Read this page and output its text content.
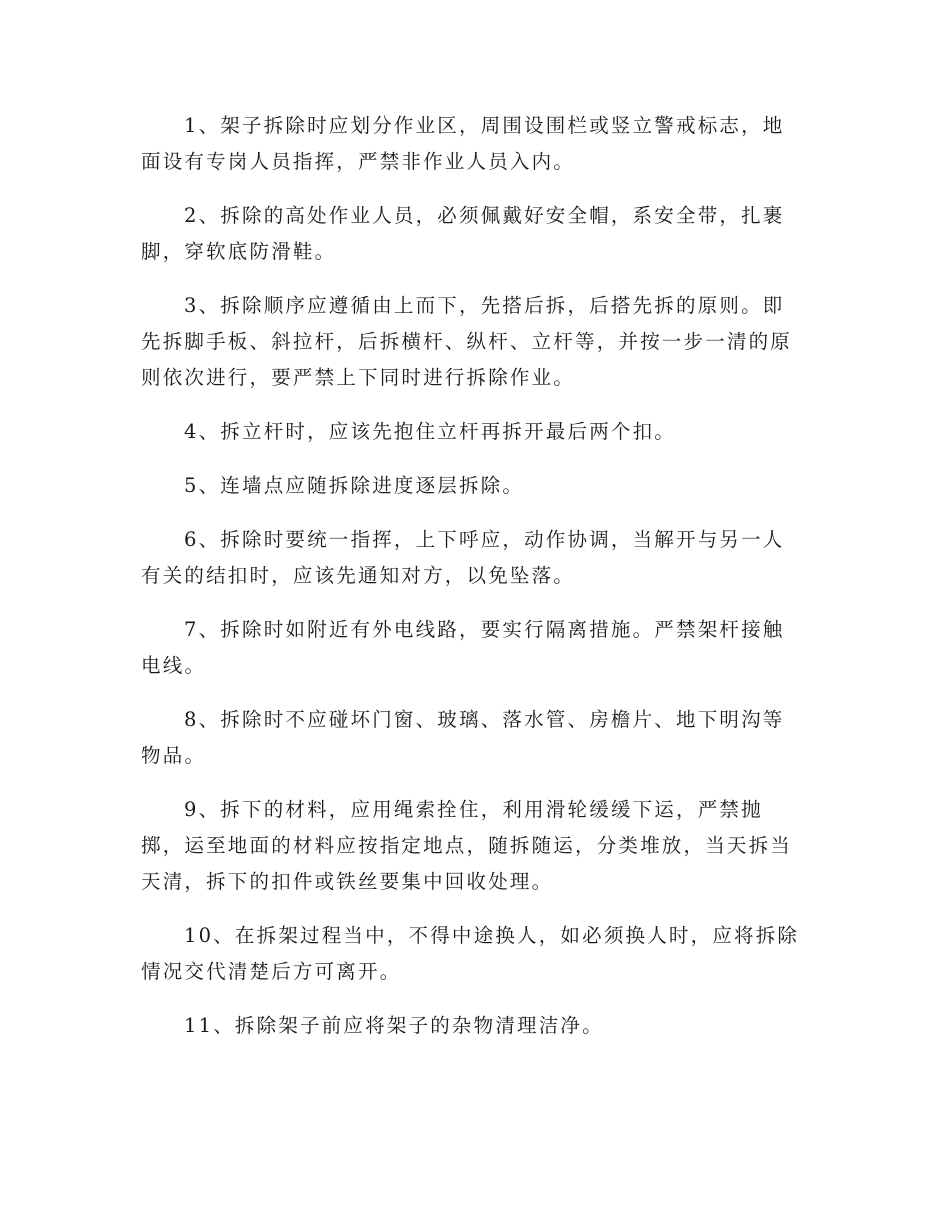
1、架子拆除时应划分作业区，周围设围栏或竖立警戒标志，地面设有专岗人员指挥，严禁非作业人员入内。

2、拆除的高处作业人员，必须佩戴好安全帽，系安全带，扎裹脚，穿软底防滑鞋。

3、拆除顺序应遵循由上而下，先搭后拆，后搭先拆的原则。即先拆脚手板、斜拉杆，后拆横杆、纵杆、立杆等，并按一步一清的原则依次进行，要严禁上下同时进行拆除作业。

4、拆立杆时，应该先抱住立杆再拆开最后两个扣。

5、连墙点应随拆除进度逐层拆除。

6、拆除时要统一指挥，上下呼应，动作协调，当解开与另一人有关的结扣时，应该先通知对方，以免坠落。

7、拆除时如附近有外电线路，要实行隔离措施。严禁架杆接触电线。

8、拆除时不应碰坏门窗、玻璃、落水管、房檐片、地下明沟等物品。

9、拆下的材料，应用绳索拴住，利用滑轮缓缓下运，严禁抛掷，运至地面的材料应按指定地点，随拆随运，分类堆放，当天拆当天清，拆下的扣件或铁丝要集中回收处理。

10、在拆架过程当中，不得中途换人，如必须换人时，应将拆除情况交代清楚后方可离开。

11、拆除架子前应将架子的杂物清理洁净。
